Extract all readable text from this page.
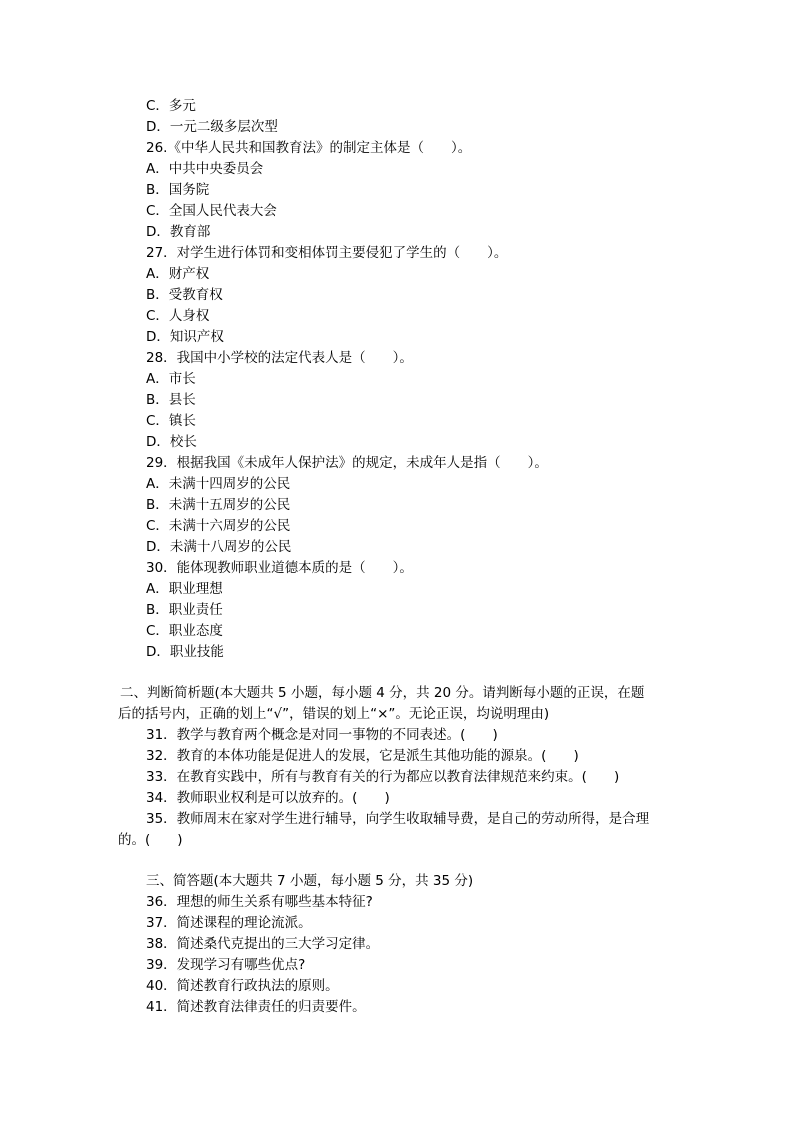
C．多元
D．一元二级多层次型
26.《中华人民共和国教育法》的制定主体是（　　）。
A．中共中央委员会
B．国务院
C．全国人民代表大会
D．教育部
27．对学生进行体罚和变相体罚主要侵犯了学生的（　　）。
A．财产权
B．受教育权
C．人身权
D．知识产权
28．我国中小学校的法定代表人是（　　）。
A．市长
B．县长
C．镇长
D．校长
29．根据我国《未成年人保护法》的规定，未成年人是指（　　）。
A．未满十四周岁的公民
B．未满十五周岁的公民
C．未满十六周岁的公民
D．未满十八周岁的公民
30．能体现教师职业道德本质的是（　　）。
A．职业理想
B．职业责任
C．职业态度
D．职业技能
二、判断简析题(本大题共 5 小题，每小题 4 分，共 20 分。请判断每小题的正误，在题
后的括号内，正确的划上“√”，错误的划上“×”。无论正误，均说明理由)
31．教学与教育两个概念是对同一事物的不同表述。(　　)
32．教育的本体功能是促进人的发展，它是派生其他功能的源泉。(　　)
33．在教育实践中，所有与教育有关的行为都应以教育法律规范来约束。(　　)
34．教师职业权利是可以放弃的。(　　)
35．教师周末在家对学生进行辅导，向学生收取辅导费，是自己的劳动所得，是合理
的。(　　)
三、简答题(本大题共 7 小题，每小题 5 分，共 35 分)
36．理想的师生关系有哪些基本特征?
37．简述课程的理论流派。
38．简述桑代克提出的三大学习定律。
39．发现学习有哪些优点?
40．简述教育行政执法的原则。
41．简述教育法律责任的归责要件。
